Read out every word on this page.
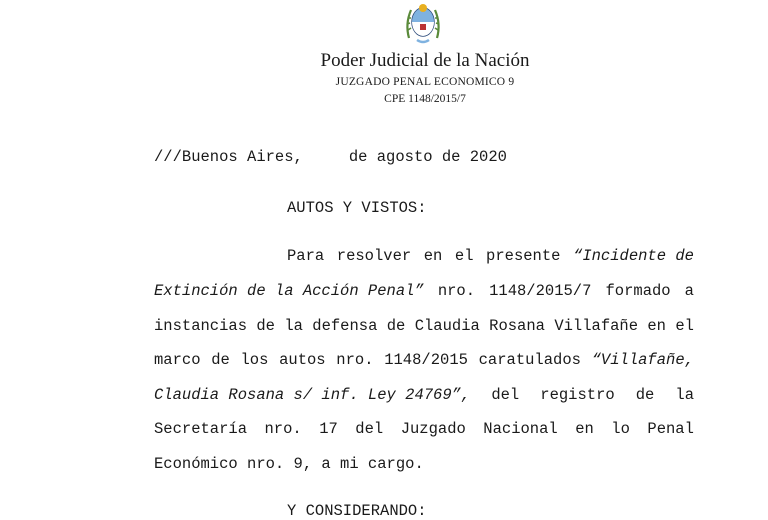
Poder Judicial de la Nación
JUZGADO PENAL ECONOMICO 9
CPE 1148/2015/7
///Buenos Aires,	de agosto de 2020
AUTOS Y VISTOS:
Para resolver en el presente “Incidente de
Extinción de la Acción Penal” nro. 1148/2015/7 formado a
instancias de la defensa de Claudia Rosana Villafañe en el
marco de los autos nro. 1148/2015 caratulados “Villafañe,
Claudia Rosana s/ inf. Ley 24769”, del registro de la
Secretaría nro. 17 del Juzgado Nacional en lo Penal
Económico nro. 9, a mi cargo.
Y CONSIDERANDO:
